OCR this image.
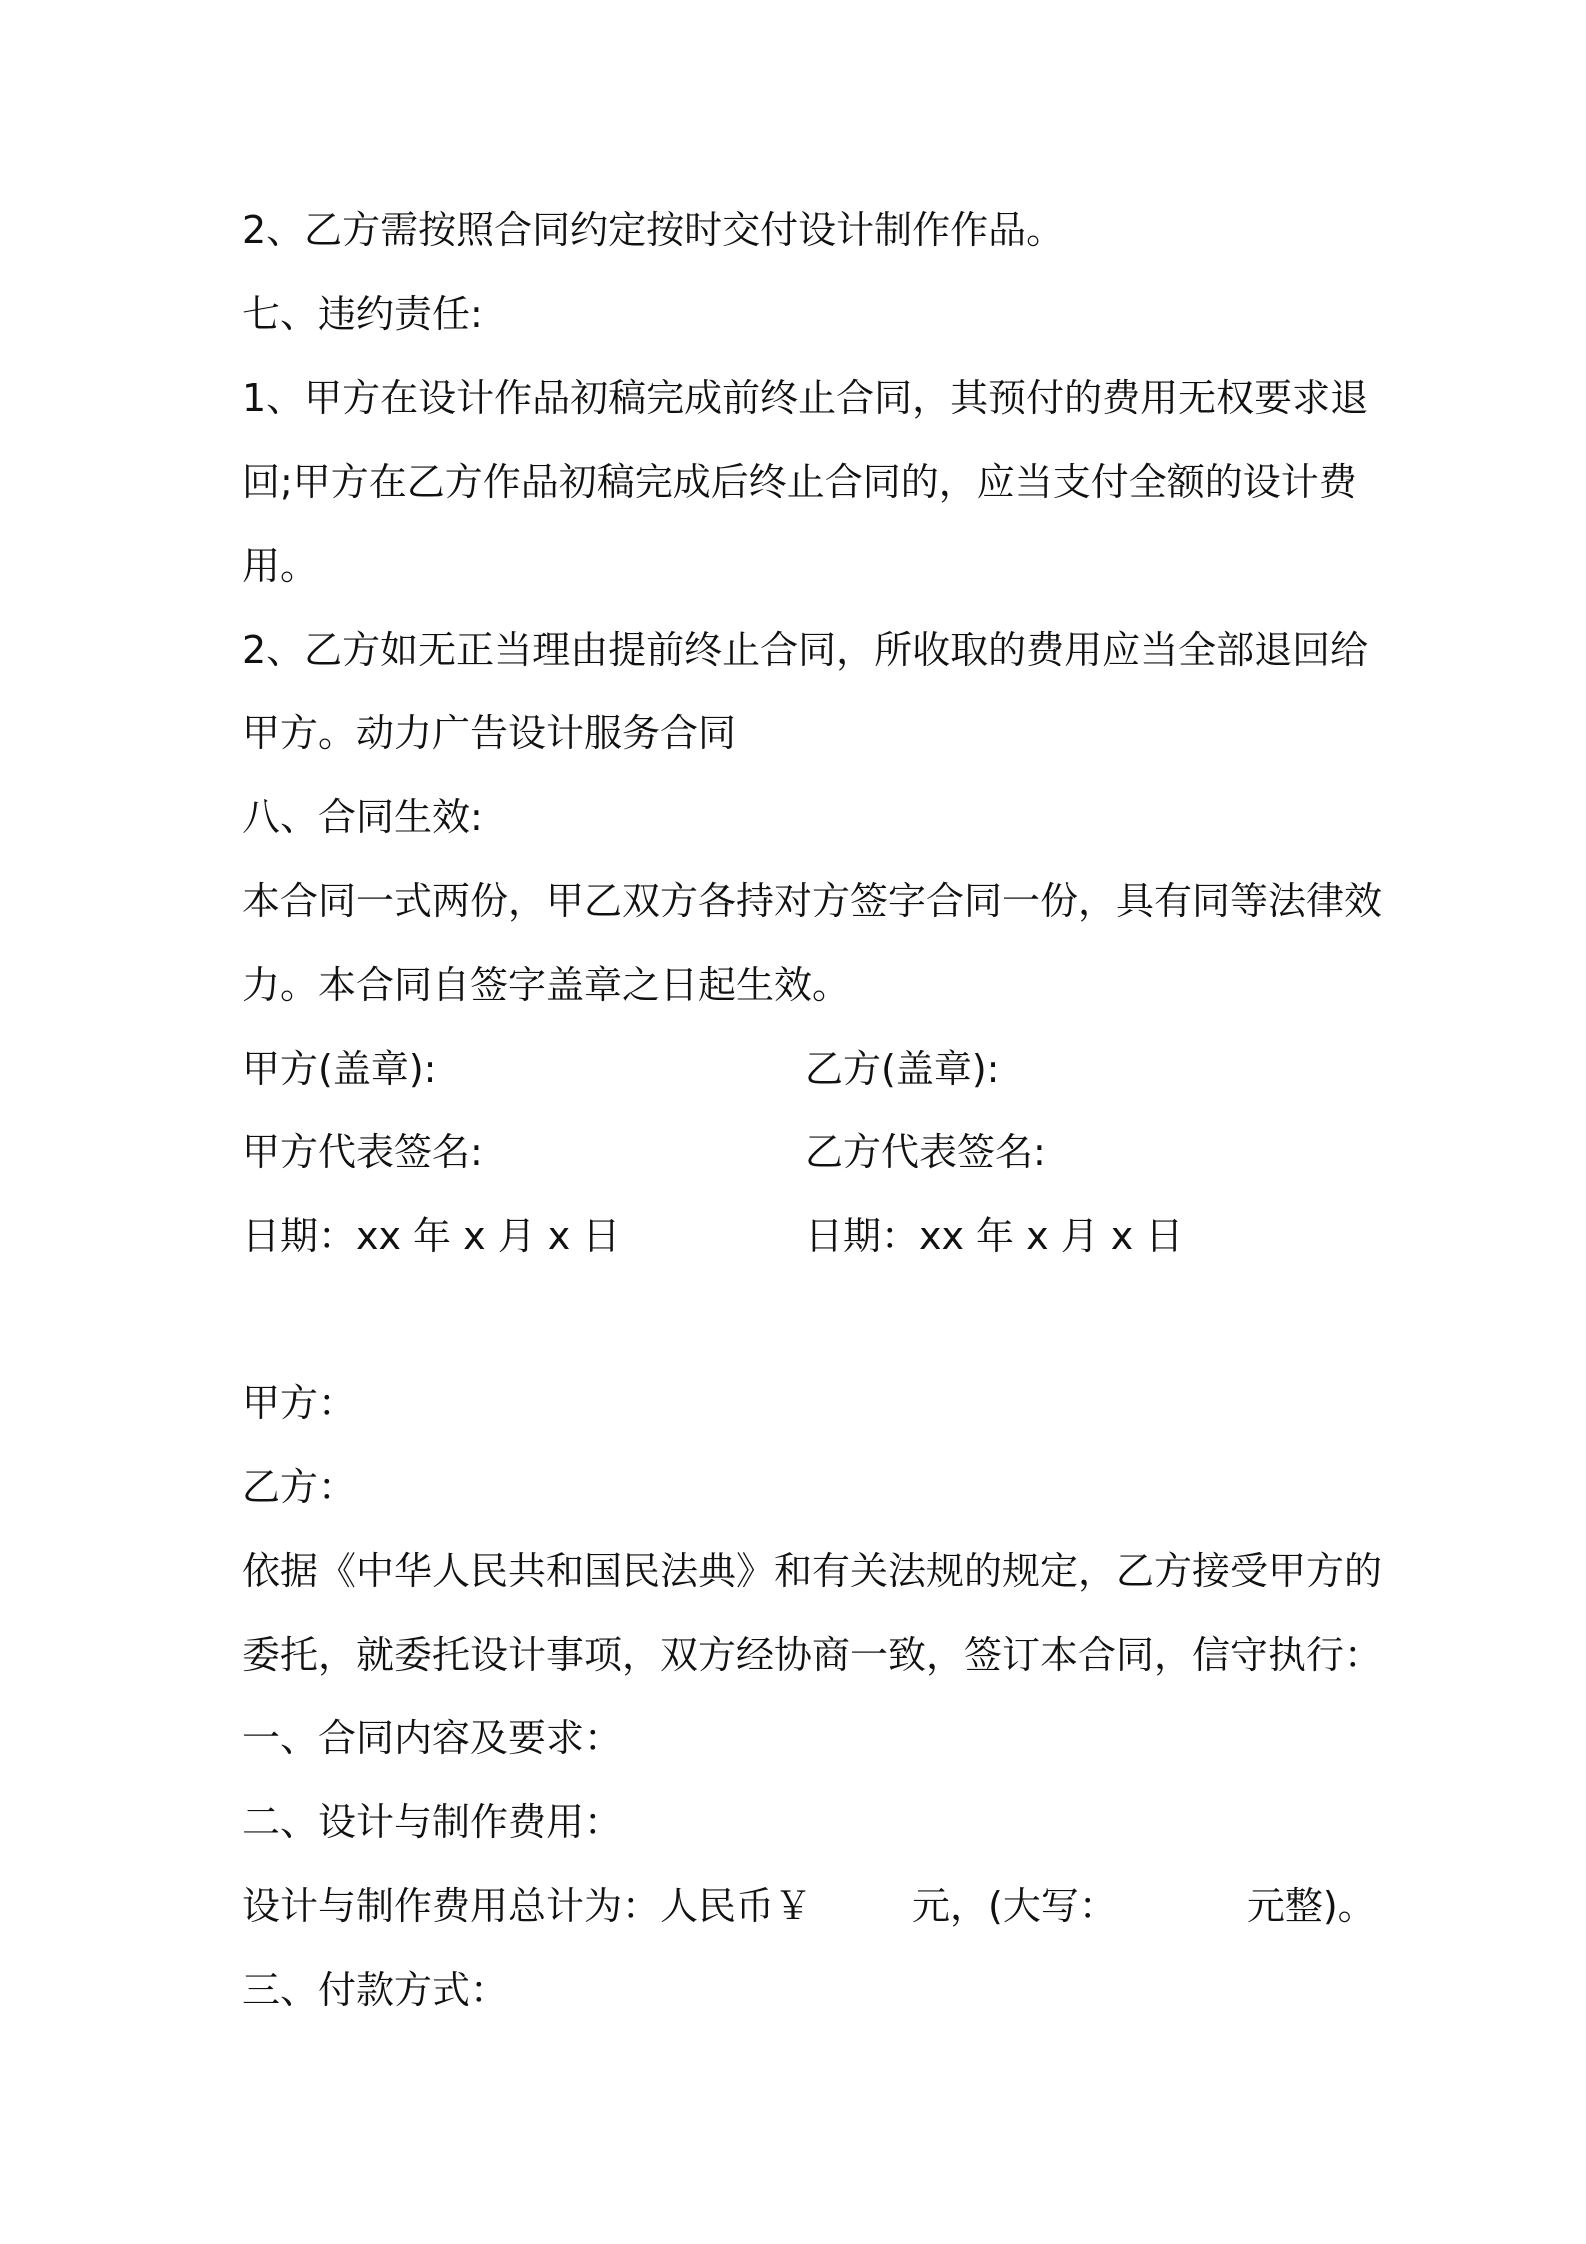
2、乙方需按照合同约定按时交付设计制作作品。
七、违约责任:
1、甲方在设计作品初稿完成前终止合同，其预付的费用无权要求退
回;甲方在乙方作品初稿完成后终止合同的，应当支付全额的设计费
用。
2、乙方如无正当理由提前终止合同，所收取的费用应当全部退回给
甲方。动力广告设计服务合同
八、合同生效:
本合同一式两份，甲乙双方各持对方签字合同一份，具有同等法律效
力。本合同自签字盖章之日起生效。
甲方(盖章):	乙方(盖章):
甲方代表签名:	乙方代表签名:
日期：xx 年 x 月 x 日	日期：xx 年 x 月 x 日
甲方：
乙方：
依据《中华人民共和国民法典》和有关法规的规定，乙方接受甲方的
委托，就委托设计事项，双方经协商一致，签订本合同，信守执行：
一、合同内容及要求：
二、设计与制作费用：
设计与制作费用总计为：人民币￥	元，(大写：	元整)。
三、付款方式：
